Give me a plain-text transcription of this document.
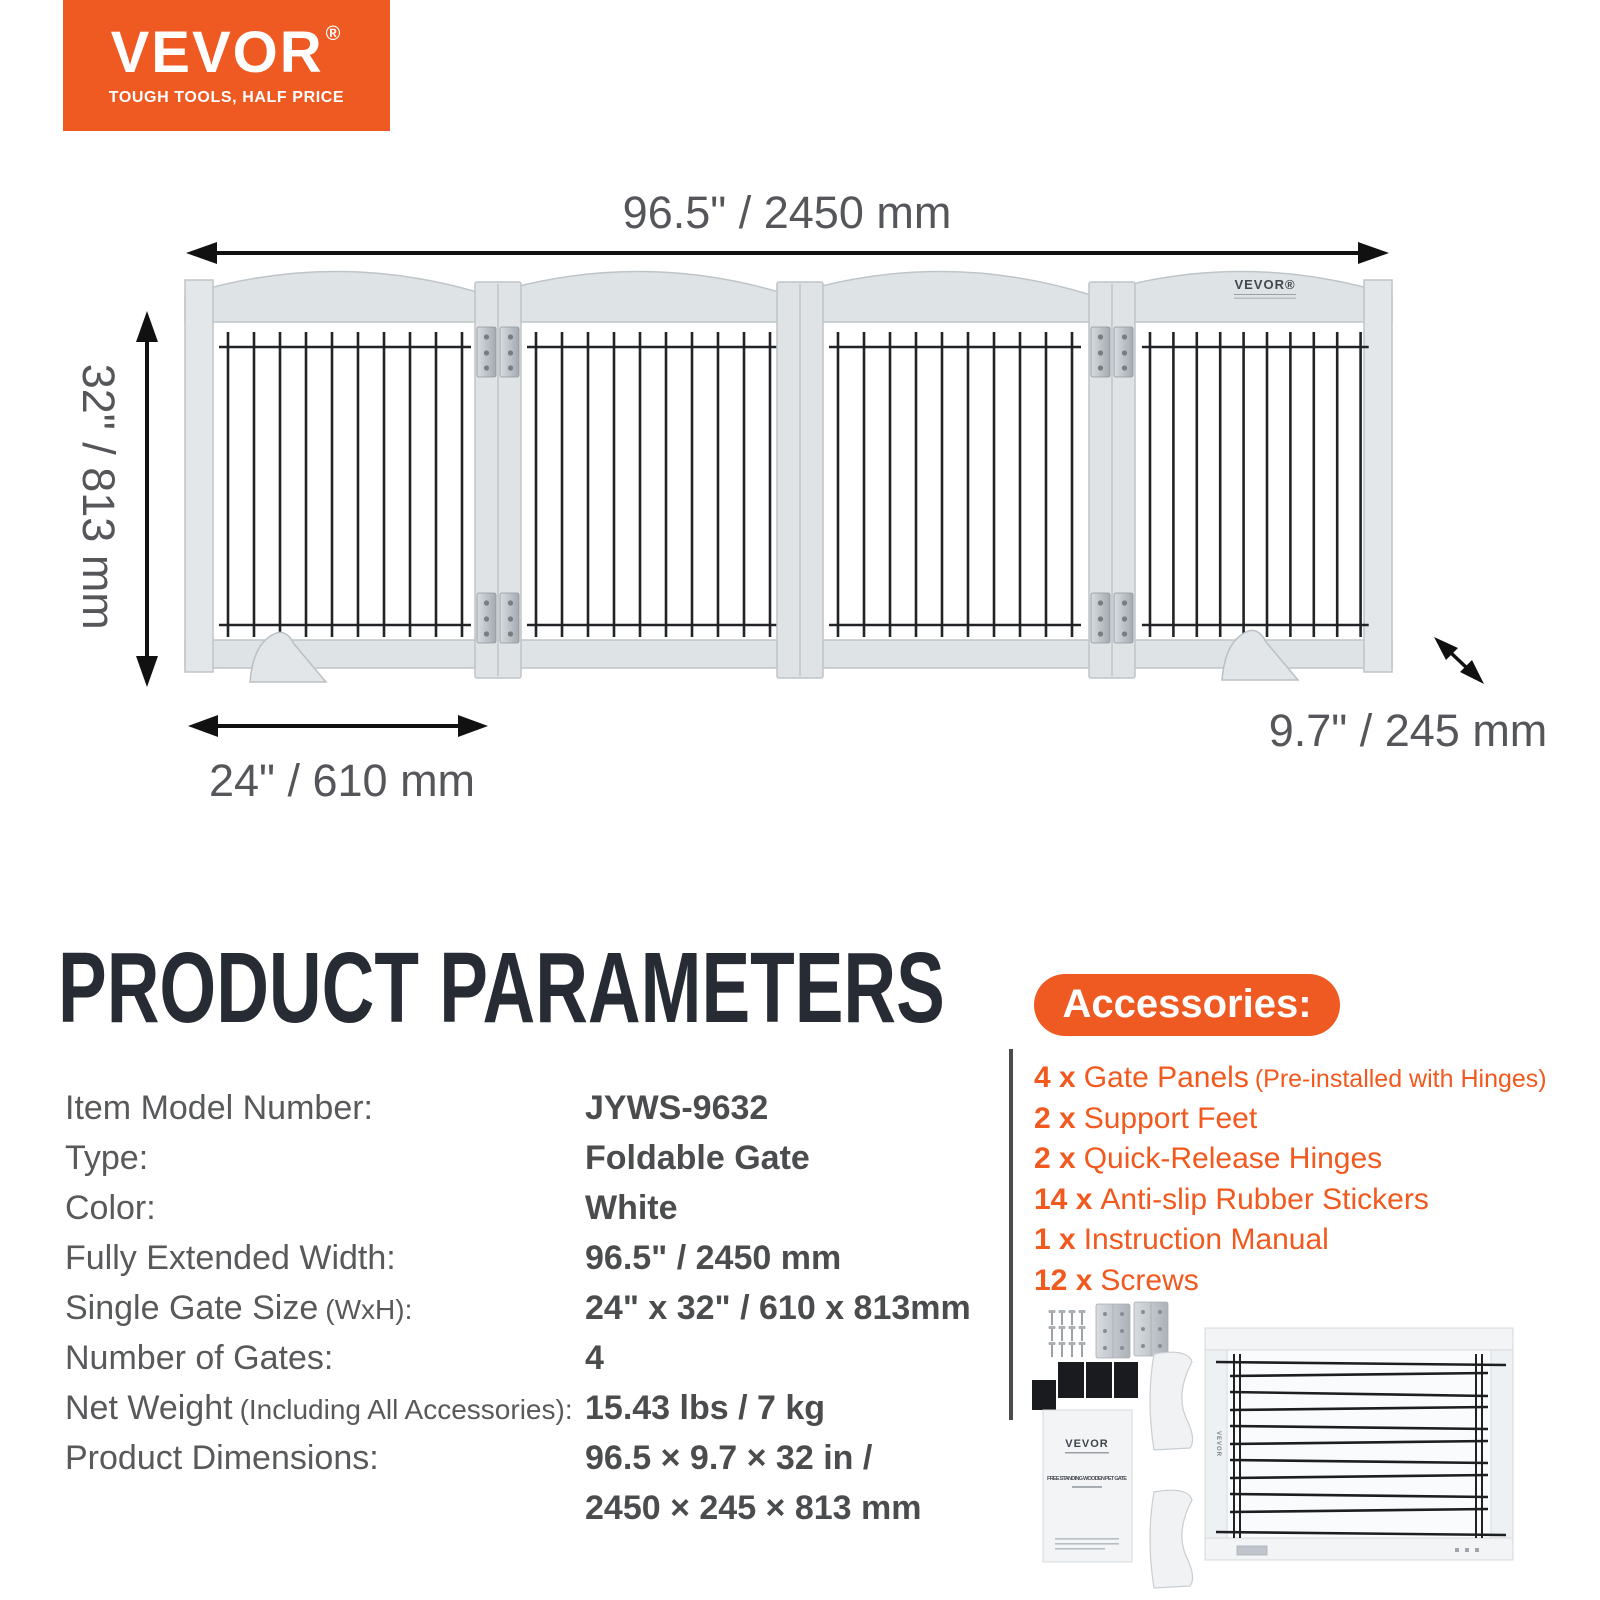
VEVOR ®
TOUGH TOOLS, HALF PRICE
96.5" / 2450 mm
32" / 813 mm
24" / 610 mm
9.7" / 245 mm
VEVOR®
PRODUCT PARAMETERS
Item Model Number:	JYWS-9632
Type:	Foldable Gate
Color:	White
Fully Extended Width:	96.5" / 2450 mm
Single Gate Size (WxH):	24" x 32" / 610 x 813mm
Number of Gates:	4
Net Weight (Including All Accessories): 15.43 lbs / 7 kg
Product Dimensions:	96.5 × 9.7 × 32 in /
2450 × 245 × 813 mm
Accessories:
4 x Gate Panels (Pre-installed with Hinges)
2 x Support Feet
2 x Quick-Release Hinges
14 x Anti-slip Rubber Stickers
1 x Instruction Manual
12 x Screws
VEVOR
FREE STANDING WOODEN PET GATE
VEVOR
